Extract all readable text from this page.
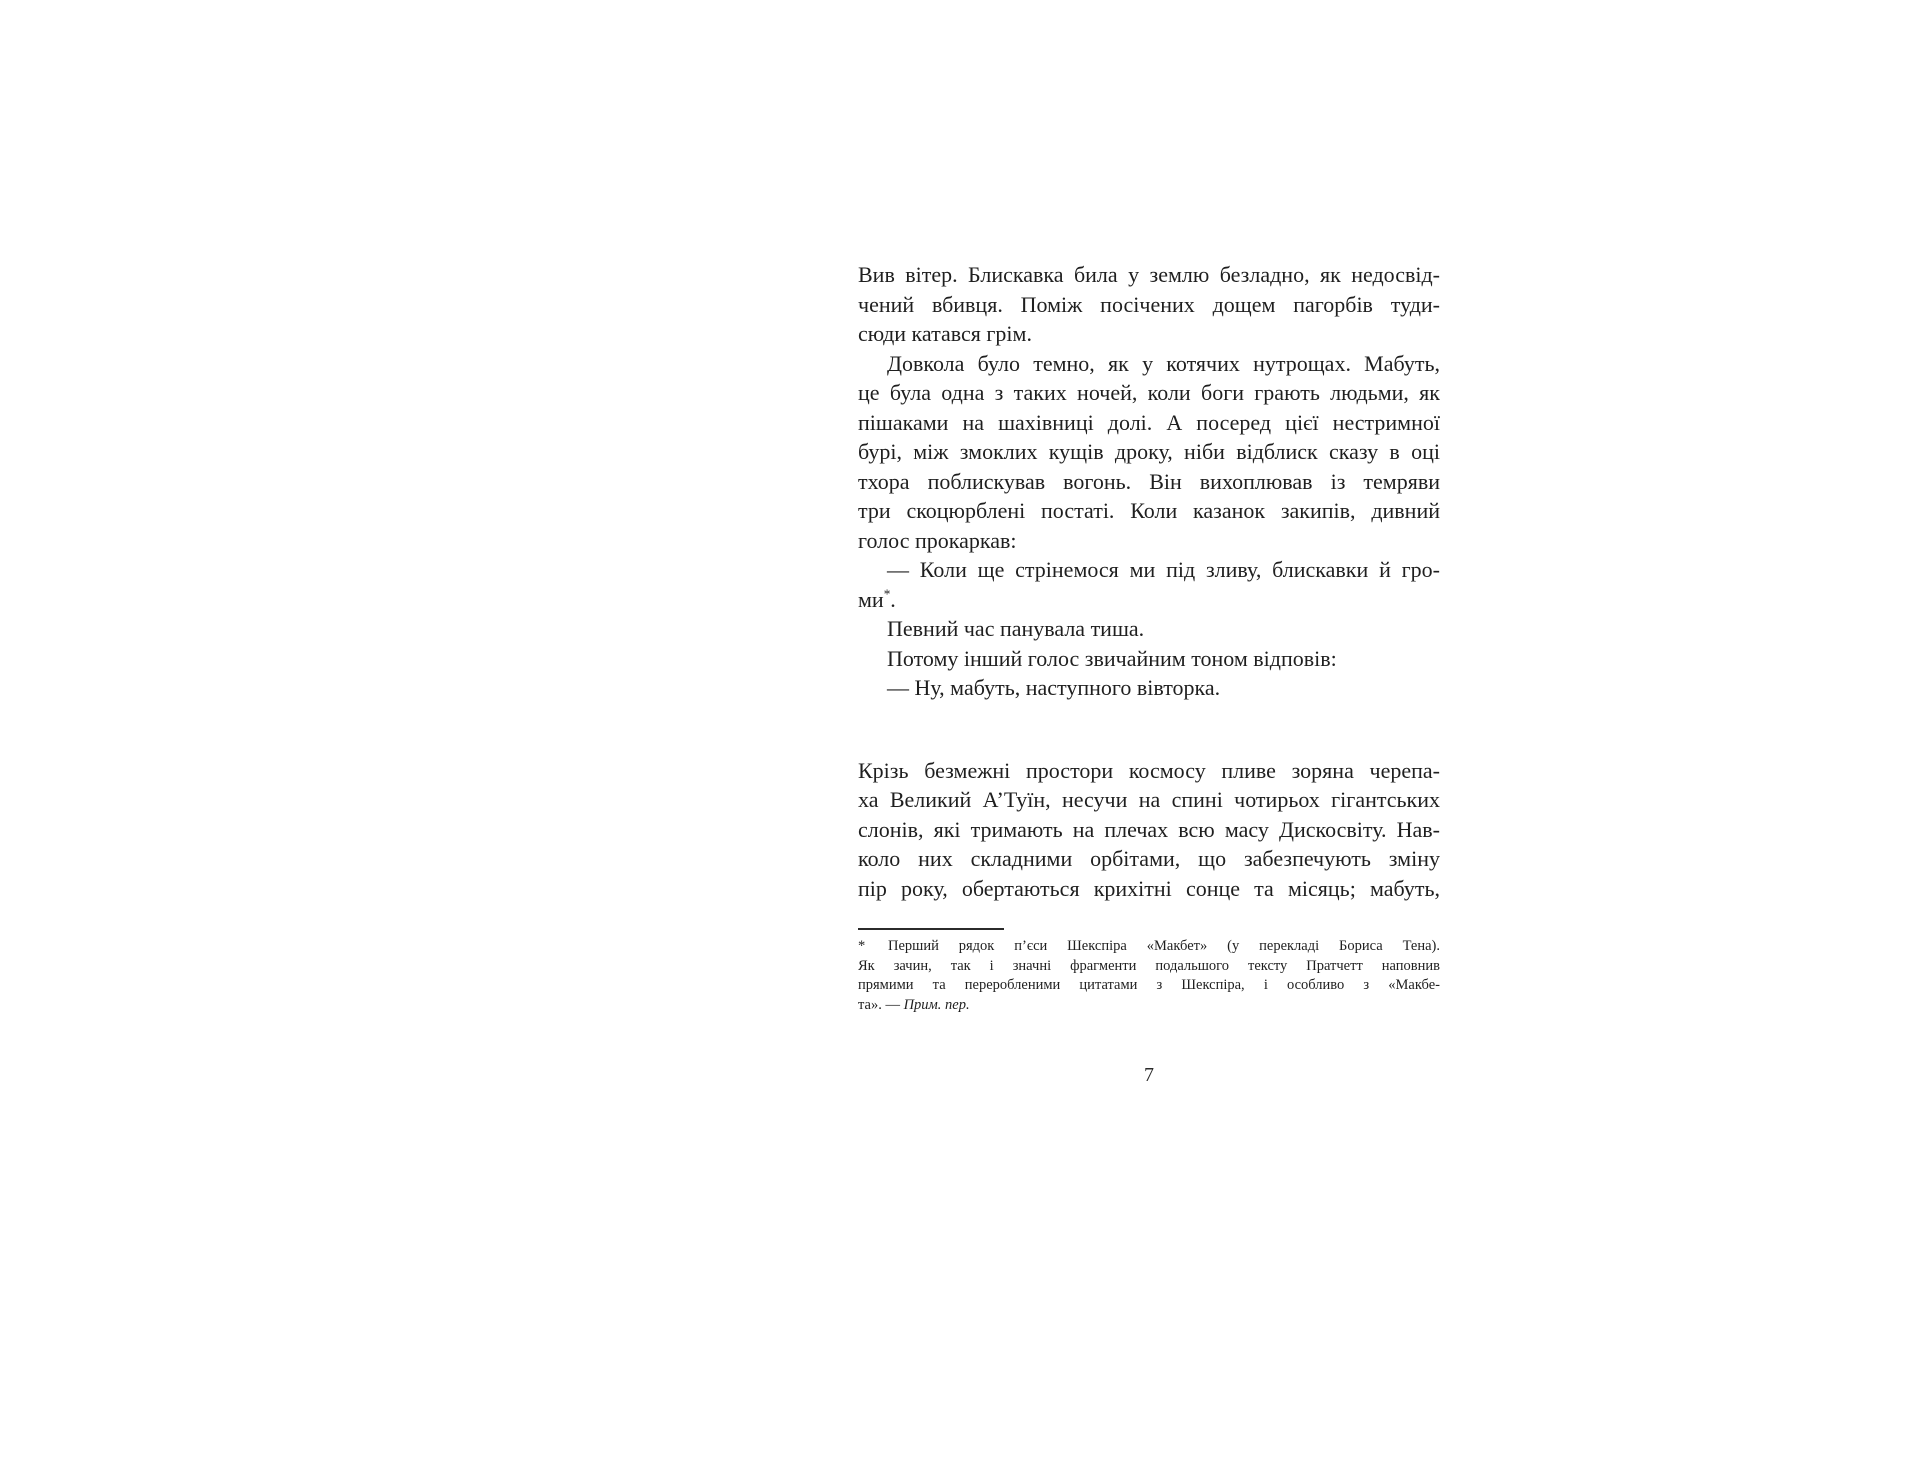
Вив вітер. Блискавка била у землю безладно, як недосвід-
чений вбивця. Поміж посічених дощем пагорбів туди-
сюди катався грім.
Довкола було темно, як у котячих нутрощах. Мабуть,
це була одна з таких ночей, коли боги грають людьми, як
пішаками на шахівниці долі. А посеред цієї нестримної
бурі, між змоклих кущів дроку, ніби відблиск сказу в оці
тхора поблискував вогонь. Він вихоплював із темряви
три скоцюрблені постаті. Коли казанок закипів, дивний
голос прокаркав:
— Коли ще стрінемося ми під зливу, блискавки й гро-
ми*.
Певний час панувала тиша.
Потому інший голос звичайним тоном відповів:
— Ну, мабуть, наступного вівторка.
Крізь безмежні простори космосу пливе зоряна черепа-
ха Великий А’Туїн, несучи на спині чотирьох гігантських
слонів, які тримають на плечах всю масу Дискосвіту. Нав-
коло них складними орбітами, що забезпечують зміну
пір року, обертаються крихітні сонце та місяць; мабуть,
* Перший рядок п’єси Шекспіра «Макбет» (у перекладі Бориса Тена).
Як зачин, так і значні фрагменти подальшого тексту Пратчетт наповнив
прямими та переробленими цитатами з Шекспіра, і особливо з «Макбе-
та». — Прим. пер.
7
